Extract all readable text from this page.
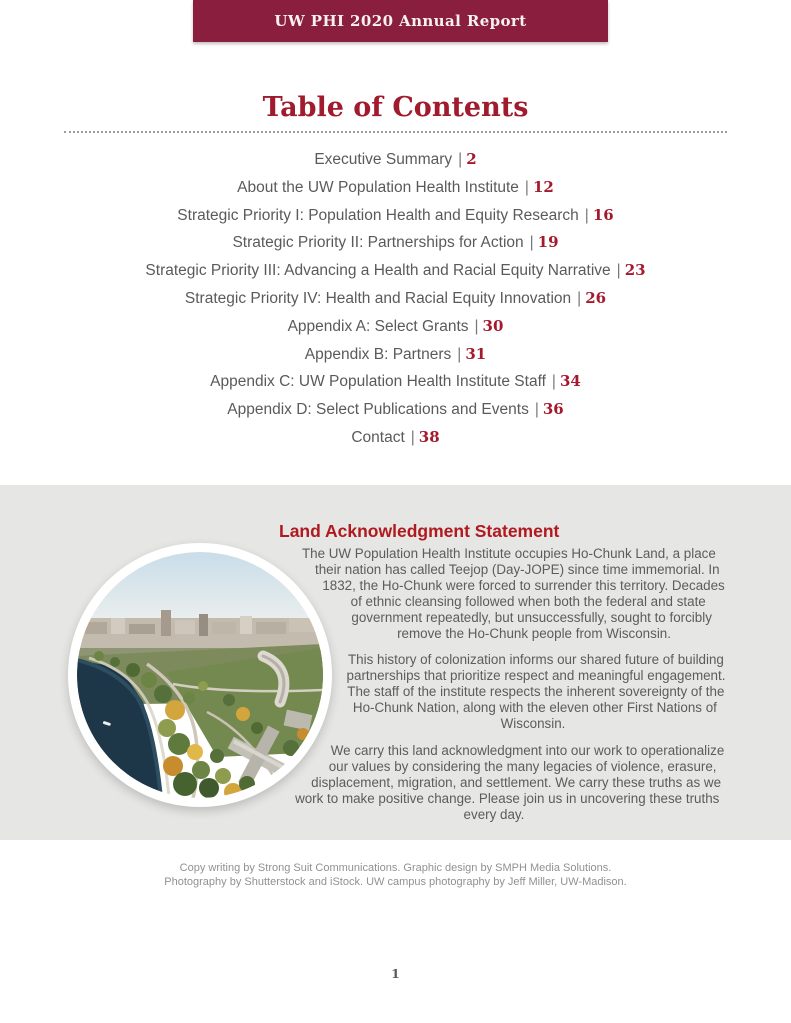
UW PHI 2020 Annual Report
Table of Contents
Executive Summary | 2
About the UW Population Health Institute | 12
Strategic Priority I: Population Health and Equity Research | 16
Strategic Priority II: Partnerships for Action | 19
Strategic Priority III: Advancing a Health and Racial Equity Narrative | 23
Strategic Priority IV: Health and Racial Equity Innovation | 26
Appendix A: Select Grants | 30
Appendix B: Partners | 31
Appendix C: UW Population Health Institute Staff | 34
Appendix D: Select Publications and Events | 36
Contact | 38
Land Acknowledgment Statement

The UW Population Health Institute occupies Ho-Chunk Land, a place their nation has called Teejop (Day-JOPE) since time immemorial. In 1832, the Ho-Chunk were forced to surrender this territory. Decades of ethnic cleansing followed when both the federal and state government repeatedly, but unsuccessfully, sought to forcibly remove the Ho-Chunk people from Wisconsin.

This history of colonization informs our shared future of building partnerships that prioritize respect and meaningful engagement. The staff of the institute respects the inherent sovereignty of the Ho-Chunk Nation, along with the eleven other First Nations of Wisconsin.

We carry this land acknowledgment into our work to operationalize our values by considering the many legacies of violence, erasure, displacement, migration, and settlement. We carry these truths as we work to make positive change. Please join us in uncovering these truths every day.

Copy writing by Strong Suit Communications. Graphic design by SMPH Media Solutions.
Photography by Shutterstock and iStock. UW campus photography by Jeff Miller, UW-Madison.
1
